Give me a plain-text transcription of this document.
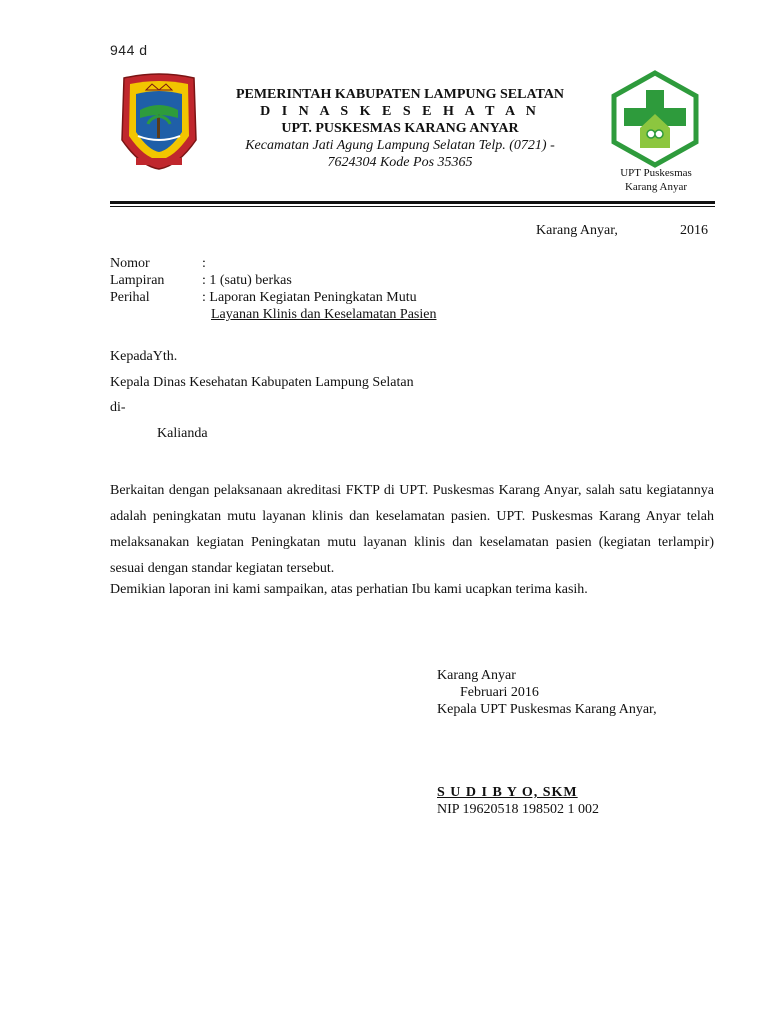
944 d
PEMERINTAH KABUPATEN LAMPUNG SELATAN
D I N A S K E S E H A T A N
UPT. PUSKESMAS KARANG ANYAR
Kecamatan Jati Agung Lampung Selatan Telp. (0721) -
7624304 Kode Pos 35365
UPT Puskesmas
Karang Anyar
Karang Anyar,	2016
Nomor	:
Lampiran	: 1 (satu) berkas
Perihal	: Laporan Kegiatan Peningkatan Mutu
Layanan Klinis dan Keselamatan Pasien
KepadaYth.
Kepala Dinas Kesehatan Kabupaten Lampung Selatan
di-
Kalianda
Berkaitan dengan pelaksanaan akreditasi FKTP di UPT. Puskesmas Karang Anyar, salah satu kegiatannya adalah peningkatan mutu layanan klinis dan keselamatan pasien. UPT. Puskesmas Karang Anyar telah melaksanakan kegiatan Peningkatan mutu layanan klinis dan keselamatan pasien (kegiatan terlampir) sesuai dengan standar kegiatan tersebut.
Demikian laporan ini kami sampaikan, atas perhatian Ibu kami ucapkan terima kasih.
Karang Anyar
Februari 2016
Kepala UPT Puskesmas Karang Anyar,
S U D I B Y O, SKM
NIP 19620518 198502 1 002
